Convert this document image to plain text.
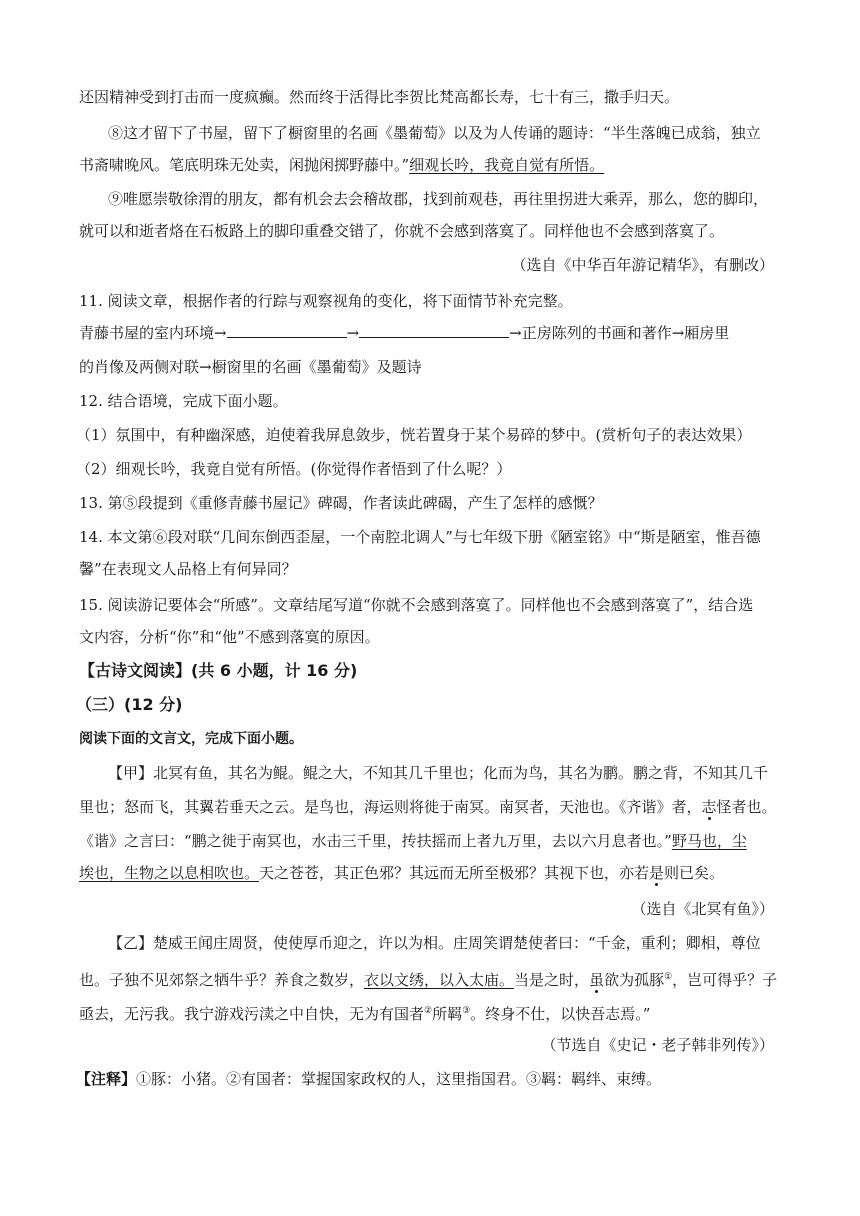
还因精神受到打击而一度疯癫。然而终于活得比李贺比梵高都长寿，七十有三，撒手归天。
⑧这才留下了书屋，留下了橱窗里的名画《墨葡萄》以及为人传诵的题诗：“半生落魄已成翁，独立
书斋啸晚风。笔底明珠无处卖，闲抛闲掷野藤中。”细观长吟，我竟自觉有所悟。
⑨唯愿崇敬徐渭的朋友，都有机会去会稽故郡，找到前观巷，再往里拐进大乘弄，那么，您的脚印，
就可以和逝者烙在石板路上的脚印重叠交错了，你就不会感到落寞了。同样他也不会感到落寞了。
（选自《中华百年游记精华》，有删改）
11. 阅读文章，根据作者的行踪与观察视角的变化，将下面情节补充完整。
青藤书屋的室内环境→	→	→正房陈列的书画和著作→厢房里
的肖像及两侧对联→橱窗里的名画《墨葡萄》及题诗
12. 结合语境，完成下面小题。
（1）氛围中，有种幽深感，迫使着我屏息敛步，恍若置身于某个易碎的梦中。(赏析句子的表达效果）
（2）细观长吟，我竟自觉有所悟。(你觉得作者悟到了什么呢？）
13. 第⑤段提到《重修青藤书屋记》碑碣，作者读此碑碣，产生了怎样的感慨？
14. 本文第⑥段对联“几间东倒西歪屋，一个南腔北调人”与七年级下册《陋室铭》中“斯是陋室，惟吾德
馨”在表现文人品格上有何异同？
15. 阅读游记要体会“所感”。文章结尾写道“你就不会感到落寞了。同样他也不会感到落寞了”，结合选
文内容，分析“你”和“他”不感到落寞的原因。
【古诗文阅读】(共 6 小题，计 16 分)
（三）(12 分)
阅读下面的文言文，完成下面小题。
【甲】北冥有鱼，其名为鲲。鲲之大，不知其几千里也；化而为鸟，其名为鹏。鹏之背，不知其几千
里也；怒而飞，其翼若垂天之云。是鸟也，海运则将徙于南冥。南冥者，天池也。《齐谐》者，志怪者也。
《谐》之言曰：“鹏之徙于南冥也，水击三千里，抟扶摇而上者九万里，去以六月息者也。”野马也，尘
埃也，生物之以息相吹也。天之苍苍，其正色邪？其远而无所至极邪？其视下也，亦若是则已矣。
（选自《北冥有鱼》）
【乙】楚威王闻庄周贤，使使厚币迎之，许以为相。庄周笑谓楚使者曰：“千金，重利；卿相，尊位
也。子独不见郊祭之牺牛乎？养食之数岁，衣以文绣，以入太庙。当是之时，虽欲为孤豚①，岂可得乎？子
亟去，无污我。我宁游戏污渎之中自快，无为有国者②所羁③。终身不仕，以快吾志焉。”
（节选自《史记・老子韩非列传》）
【注释】①豚：小猪。②有国者：掌握国家政权的人，这里指国君。③羁：羁绊、束缚。
